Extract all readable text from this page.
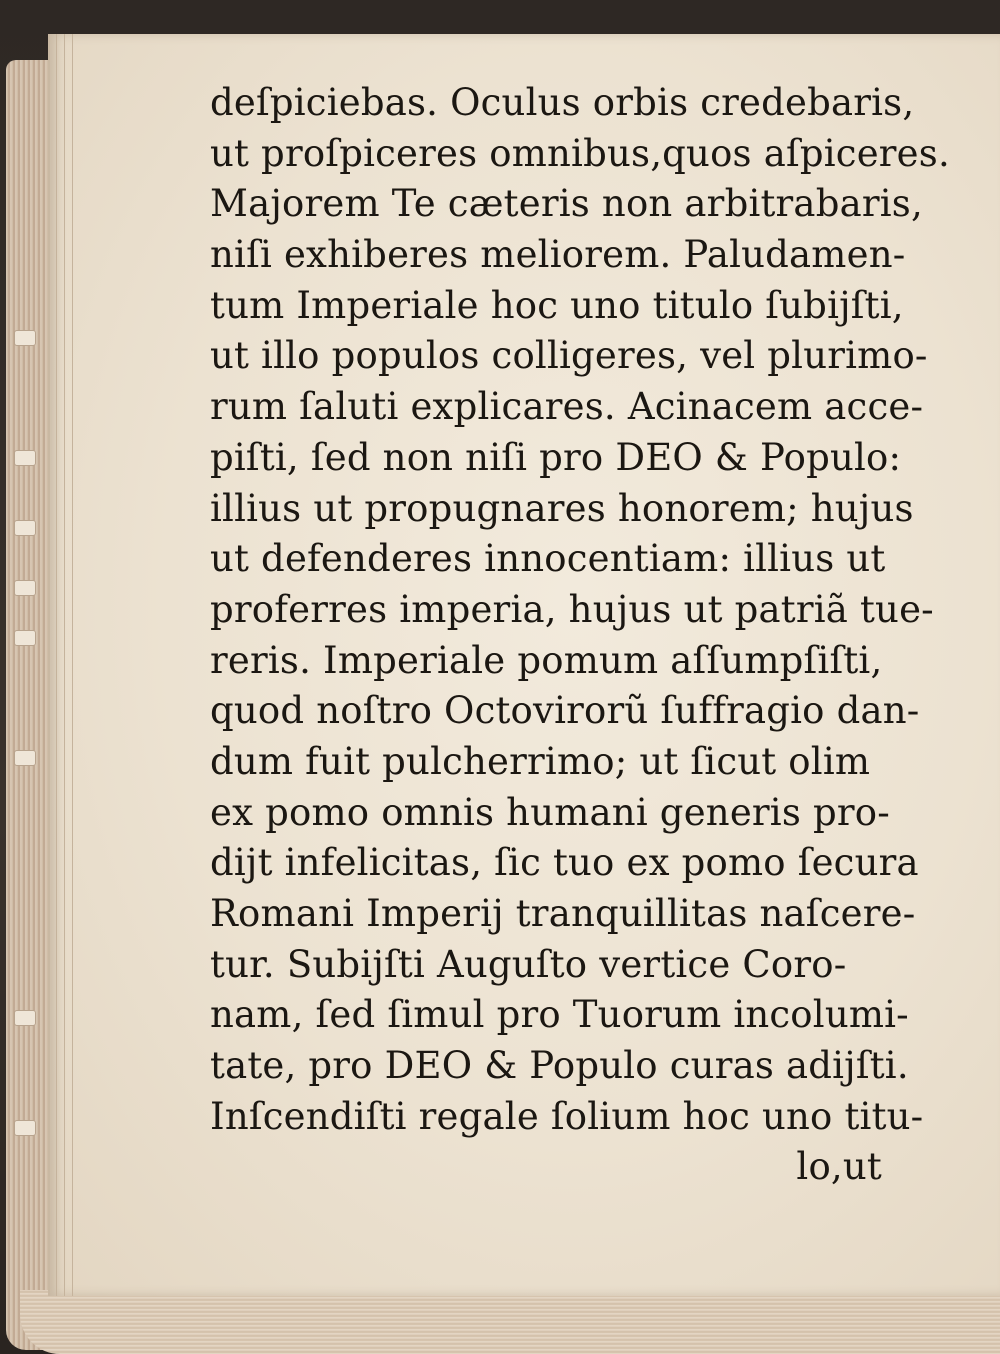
deſpiciebas. Oculus orbis credebaris,
ut proſpiceres omnibus,quos aſpiceres.
Majorem Te cæteris non arbitrabaris,
niſi exhiberes meliorem. Paludamen-
tum Imperiale hoc uno titulo ſubijſti,
ut illo populos colligeres, vel plurimo-
rum ſaluti explicares. Acinacem acce-
piſti, ſed non niſi pro DEO & Populo:
illius ut propugnares honorem; hujus
ut defenderes innocentiam: illius ut
proferres imperia, hujus ut patriã tue-
reris. Imperiale pomum aſſumpſiſti,
quod noſtro Octovirorũ ſuffragio dan-
dum fuit pulcherrimo; ut ſicut olim
ex pomo omnis humani generis pro-
dijt infelicitas, ſic tuo ex pomo ſecura
Romani Imperij tranquillitas naſcere-
tur. Subijſti Auguſto vertice Coro-
nam, ſed ſimul pro Tuorum incolumi-
tate, pro DEO & Populo curas adijſti.
Inſcendiſti regale ſolium hoc uno titu-
lo,ut
